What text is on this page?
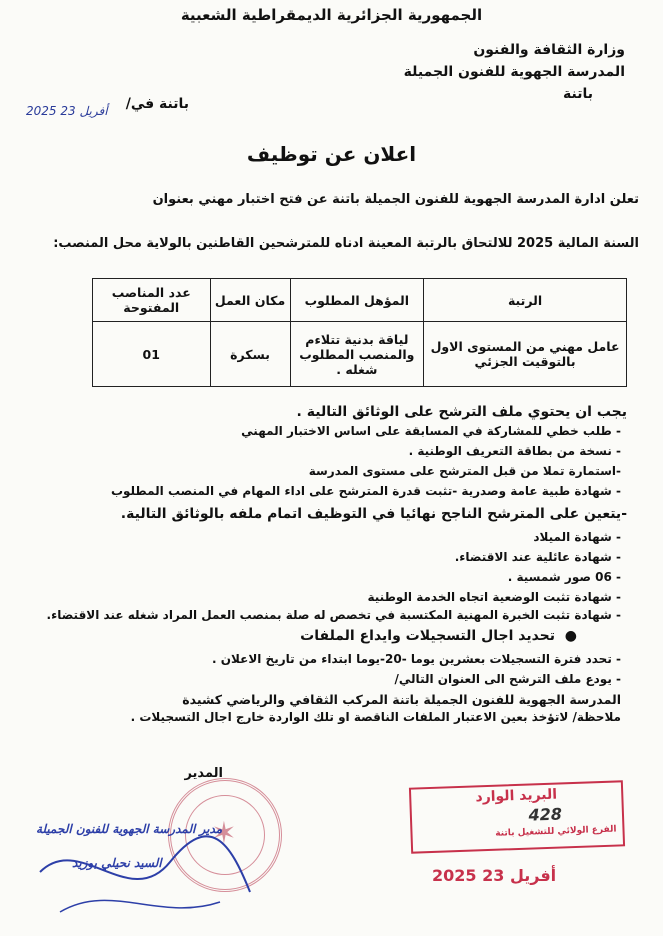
الجمهورية الجزائرية الديمقراطية الشعبية
وزارة الثقافة والفنون
المدرسة الجهوية للفنون الجميلة
باتنة
باتنة في/
2025 أفريل 23
اعلان عن توظيف
تعلن ادارة المدرسة الجهوية للفنون الجميلة باتنة عن فتح اختبار مهني بعنوان
السنة المالية 2025 للالتحاق بالرتبة المعينة ادناه للمترشحين القاطنين بالولاية محل المنصب:
الرتبة	المؤهل المطلوب	مكان العمل	عدد المناصب المفتوحة
عامل مهني من المستوى الاول بالتوقيت الجزئي	لياقة بدنية تتلاءم والمنصب المطلوب شغله .	بسكرة	01
يجب ان يحتوي ملف الترشح على الوثائق التالية .
- طلب خطي للمشاركة في المسابقة على اساس الاختبار المهني
- نسخة من بطاقة التعريف الوطنية .
-استمارة تملا من قبل المترشح على مستوى المدرسة
- شهادة طبية عامة وصدرية -تثبت قدرة المترشح على اداء المهام في المنصب المطلوب
-يتعين على المترشح الناجح نهائيا في التوظيف اتمام ملفه بالوثائق التالية.
- شهادة الميلاد
- شهادة عائلية عند الاقتضاء.
- 06 صور شمسية .
- شهادة تثبت الوضعية اتجاه الخدمة الوطنية
- شهادة تثبت الخبرة المهنية المكتسبة في تخصص له صلة بمنصب العمل المراد شغله عند الاقتضاء.
●  تحديد اجال التسجيلات وايداع الملفات
- تحدد فترة التسجيلات بعشرين يوما -20-يوما ابتداء من تاريخ الاعلان .
- يودع ملف الترشح الى العنوان التالي/
المدرسة الجهوية للفنون الجميلة باتنة المركب الثقافي والرياضي كشيدة
ملاحظة/ لاتؤخذ بعين الاعتبار الملفات الناقصة او تلك الواردة خارج اجال التسجيلات .
المدير
✶
مدير المدرسة الجهوية للفنون الجميلة
السيد نحيلي بوزيد
البريد الوارد
428
الفرع الولائي للتشغيل باتنة
2025 أفريل 23
